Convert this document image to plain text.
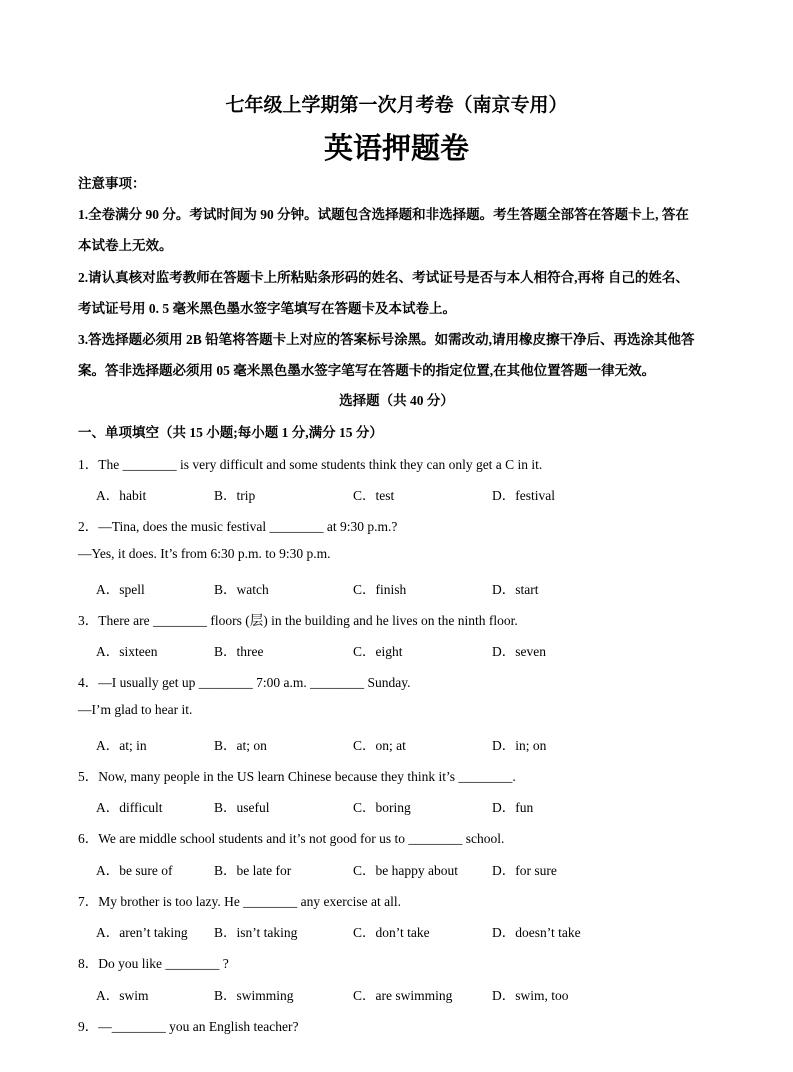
七年级上学期第一次月考卷（南京专用）
英语押题卷
注意事项：
1.全卷满分 90 分。考试时间为 90 分钟。试题包含选择题和非选择题。考生答题全部答在答题卡上, 答在
本试卷上无效。
2.请认真核对监考教师在答题卡上所粘贴条形码的姓名、考试证号是否与本人相符合,再将 自己的姓名、
考试证号用 0. 5 毫米黑色墨水签字笔填写在答题卡及本试卷上。
3.答选择题必须用 2B 铅笔将答题卡上对应的答案标号涂黑。如需改动,请用橡皮擦干净后、再选涂其他答
案。答非选择题必须用 05 毫米黑色墨水签字笔写在答题卡的指定位置,在其他位置答题一律无效。
选择题（共 40 分）
一、单项填空（共 15 小题;每小题 1 分,满分 15 分）
1．The ________ is very difficult and some students think they can only get a C in it.
A．habit	B．trip	C．test	D．festival
2．—Tina, does the music festival ________ at 9:30 p.m.?
—Yes, it does. It’s from 6:30 p.m. to 9:30 p.m.
A．spell	B．watch	C．finish	D．start
3．There are ________ floors (层) in the building and he lives on the ninth floor.
A．sixteen	B．three	C．eight	D．seven
4．—I usually get up ________ 7:00 a.m. ________ Sunday.
—I’m glad to hear it.
A．at; in	B．at; on	C．on; at	D．in; on
5．Now, many people in the US learn Chinese because they think it’s ________.
A．difficult	B．useful	C．boring	D．fun
6．We are middle school students and it’s not good for us to ________ school.
A．be sure of	B．be late for	C．be happy about	D．for sure
7．My brother is too lazy. He ________ any exercise at all.
A．aren’t taking B．isn’t taking	C．don’t take	D．doesn’t take
8．Do you like ________ ?
A．swim	B．swimming	C．are swimming	D．swim, too
9．—________ you an English teacher?
